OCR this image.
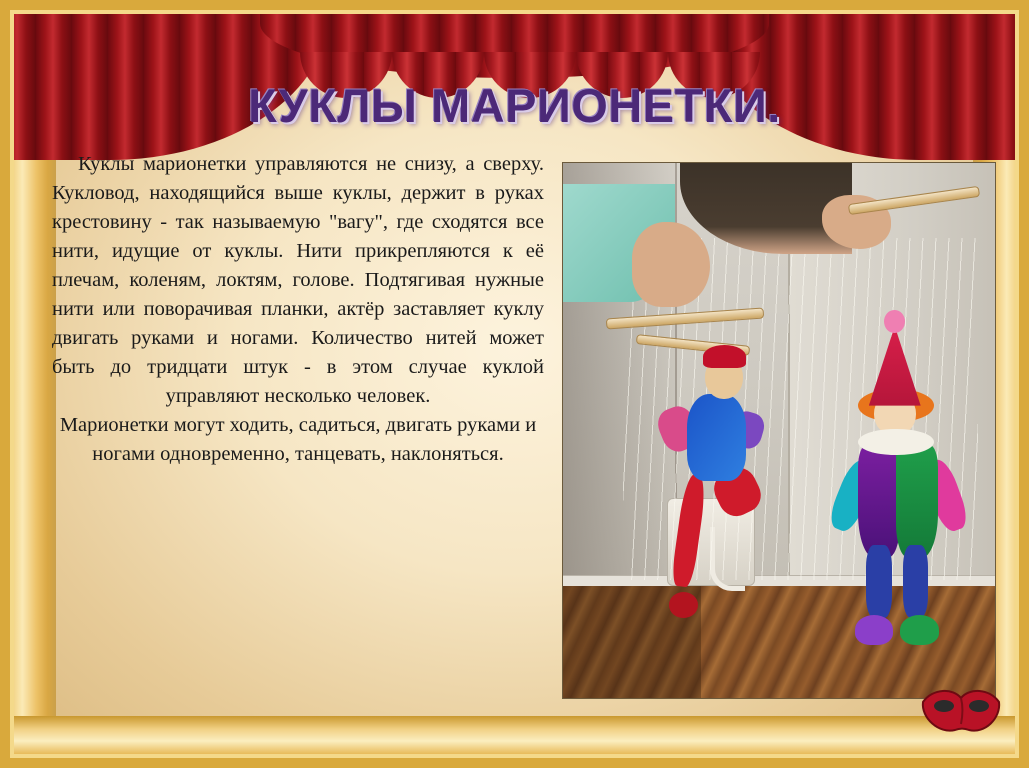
КУКЛЫ МАРИОНЕТКИ.

Куклы марионетки управляются не снизу, а сверху. Кукловод, находящийся выше куклы, держит в руках крестовину - так называемую "вагу", где сходятся все нити, идущие от куклы. Нити прикрепляются к её плечам, коленям, локтям, голове. Подтягивая нужные нити или поворачивая планки, актёр заставляет куклу двигать руками и ногами. Количество нитей может быть до тридцати штук - в этом случае куклой управляют несколько человек.

Марионетки могут ходить, садиться, двигать руками и ногами одновременно, танцевать, наклоняться.
